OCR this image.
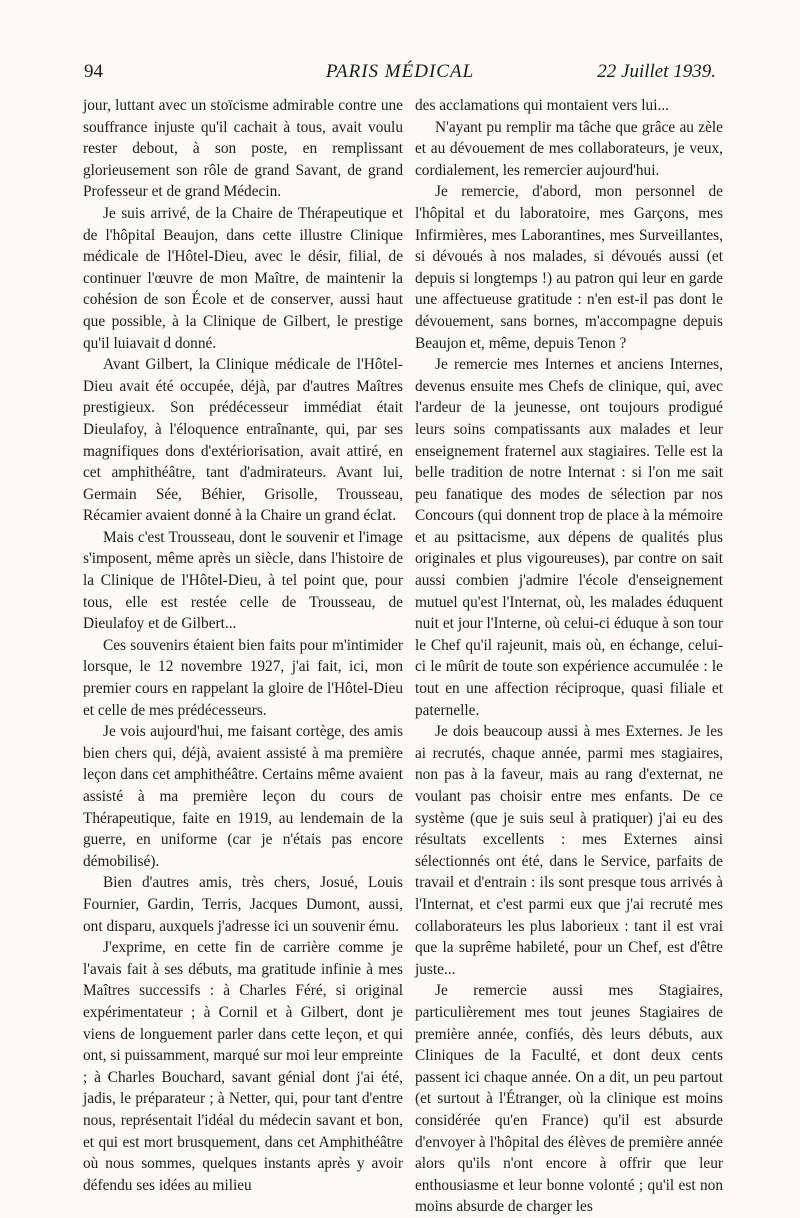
94	PARIS MÉDICAL	22 Juillet 1939.

jour, luttant avec un stoïcisme admirable contre une souffrance injuste qu'il cachait à tous, avait voulu rester debout, à son poste, en remplissant glorieusement son rôle de grand Savant, de grand Professeur et de grand Médecin.

Je suis arrivé, de la Chaire de Thérapeutique et de l'hôpital Beaujon, dans cette illustre Clinique médicale de l'Hôtel-Dieu, avec le désir, filial, de continuer l'œuvre de mon Maître, de maintenir la cohésion de son École et de conserver, aussi haut que possible, à la Clinique de Gilbert, le prestige qu'il luiavait d donné.

Avant Gilbert, la Clinique médicale de l'Hôtel-Dieu avait été occupée, déjà, par d'autres Maîtres prestigieux. Son prédécesseur immédiat était Dieulafoy, à l'éloquence entraînante, qui, par ses magnifiques dons d'extériorisation, avait attiré, en cet amphithéâtre, tant d'admirateurs. Avant lui, Germain Sée, Béhier, Grisolle, Trousseau, Récamier avaient donné à la Chaire un grand éclat.

Mais c'est Trousseau, dont le souvenir et l'image s'imposent, même après un siècle, dans l'histoire de la Clinique de l'Hôtel-Dieu, à tel point que, pour tous, elle est restée celle de Trousseau, de Dieulafoy et de Gilbert...

Ces souvenirs étaient bien faits pour m'intimider lorsque, le 12 novembre 1927, j'ai fait, ici, mon premier cours en rappelant la gloire de l'Hôtel-Dieu et celle de mes prédécesseurs.

Je vois aujourd'hui, me faisant cortège, des amis bien chers qui, déjà, avaient assisté à ma première leçon dans cet amphithéâtre. Certains même avaient assisté à ma première leçon du cours de Thérapeutique, faite en 1919, au lendemain de la guerre, en uniforme (car je n'étais pas encore démobilisé).

Bien d'autres amis, très chers, Josué, Louis Fournier, Gardin, Terris, Jacques Dumont, aussi, ont disparu, auxquels j'adresse ici un souvenir ému.

J'exprime, en cette fin de carrière comme je l'avais fait à ses débuts, ma gratitude infinie à mes Maîtres successifs : à Charles Féré, si original expérimentateur ; à Cornil et à Gilbert, dont je viens de longuement parler dans cette leçon, et qui ont, si puissamment, marqué sur moi leur empreinte ; à Charles Bouchard, savant génial dont j'ai été, jadis, le préparateur ; à Netter, qui, pour tant d'entre nous, représentait l'idéal du médecin savant et bon, et qui est mort brusquement, dans cet Amphithéâtre où nous sommes, quelques instants après y avoir défendu ses idées au milieu

des acclamations qui montaient vers lui...

N'ayant pu remplir ma tâche que grâce au zèle et au dévouement de mes collaborateurs, je veux, cordialement, les remercier aujourd'hui.

Je remercie, d'abord, mon personnel de l'hôpital et du laboratoire, mes Garçons, mes Infirmières, mes Laborantines, mes Surveillantes, si dévoués à nos malades, si dévoués aussi (et depuis si longtemps !) au patron qui leur en garde une affectueuse gratitude : n'en est-il pas dont le dévouement, sans bornes, m'accompagne depuis Beaujon et, même, depuis Tenon ?

Je remercie mes Internes et anciens Internes, devenus ensuite mes Chefs de clinique, qui, avec l'ardeur de la jeunesse, ont toujours prodigué leurs soins compatissants aux malades et leur enseignement fraternel aux stagiaires. Telle est la belle tradition de notre Internat : si l'on me sait peu fanatique des modes de sélection par nos Concours (qui donnent trop de place à la mémoire et au psittacisme, aux dépens de qualités plus originales et plus vigoureuses), par contre on sait aussi combien j'admire l'école d'enseignement mutuel qu'est l'Internat, où, les malades éduquent nuit et jour l'Interne, où celui-ci éduque à son tour le Chef qu'il rajeunit, mais où, en échange, celui-ci le mûrit de toute son expérience accumulée : le tout en une affection réciproque, quasi filiale et paternelle.

Je dois beaucoup aussi à mes Externes. Je les ai recrutés, chaque année, parmi mes stagiaires, non pas à la faveur, mais au rang d'externat, ne voulant pas choisir entre mes enfants. De ce système (que je suis seul à pratiquer) j'ai eu des résultats excellents : mes Externes ainsi sélectionnés ont été, dans le Service, parfaits de travail et d'entrain : ils sont presque tous arrivés à l'Internat, et c'est parmi eux que j'ai recruté mes collaborateurs les plus laborieux : tant il est vrai que la suprême habileté, pour un Chef, est d'être juste...

Je remercie aussi mes Stagiaires, particulièrement mes tout jeunes Stagiaires de première année, confiés, dès leurs débuts, aux Cliniques de la Faculté, et dont deux cents passent ici chaque année. On a dit, un peu partout (et surtout à l'Étranger, où la clinique est moins considérée qu'en France) qu'il est absurde d'envoyer à l'hôpital des élèves de première année alors qu'ils n'ont encore à offrir que leur enthousiasme et leur bonne volonté ; qu'il est non moins absurde de charger les
